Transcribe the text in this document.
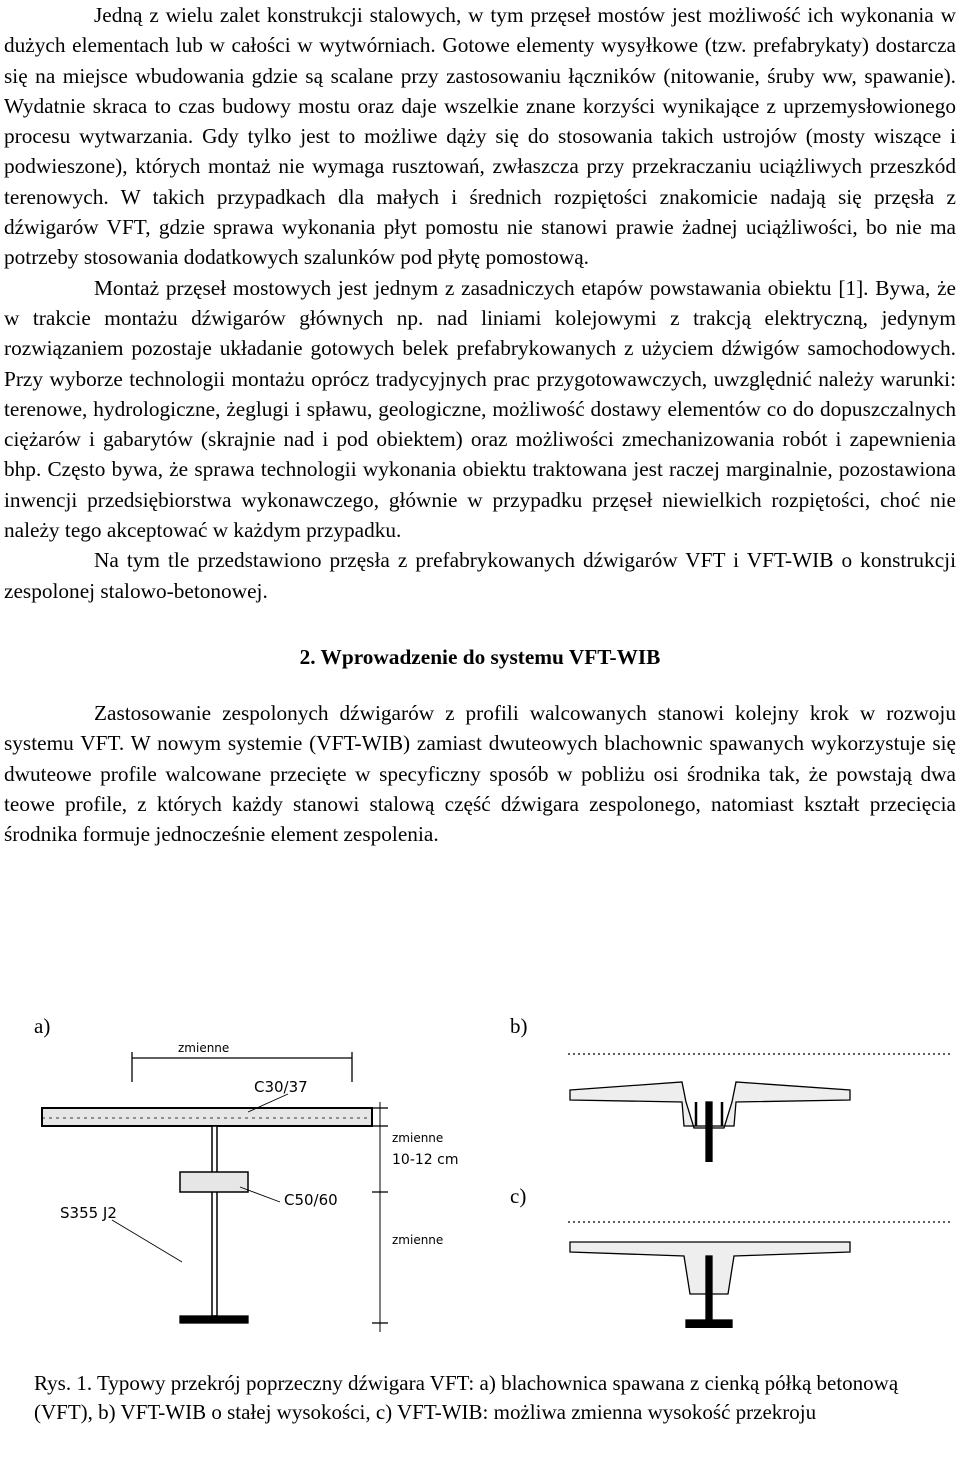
Jedną z wielu zalet konstrukcji stalowych, w tym przęseł mostów jest możliwość ich wykonania w dużych elementach lub w całości w wytwórniach. Gotowe elementy wysyłkowe (tzw. prefabrykaty) dostarcza się na miejsce wbudowania gdzie są scalane przy zastosowaniu łączników (nitowanie, śruby ww, spawanie). Wydatnie skraca to czas budowy mostu oraz daje wszelkie znane korzyści wynikające z uprzemysłowionego procesu wytwarzania. Gdy tylko jest to możliwe dąży się do stosowania takich ustrojów (mosty wiszące i podwieszone), których montaż nie wymaga rusztowań, zwłaszcza przy przekraczaniu uciążliwych przeszkód terenowych. W takich przypadkach dla małych i średnich rozpiętości znakomicie nadają się przęsła z dźwigarów VFT, gdzie sprawa wykonania płyt pomostu nie stanowi prawie żadnej uciążliwości, bo nie ma potrzeby stosowania dodatkowych szalunków pod płytę pomostową.

Montaż przęseł mostowych jest jednym z zasadniczych etapów powstawania obiektu [1]. Bywa, że w trakcie montażu dźwigarów głównych np. nad liniami kolejowymi z trakcją elektryczną, jedynym rozwiązaniem pozostaje układanie gotowych belek prefabrykowanych z użyciem dźwigów samochodowych. Przy wyborze technologii montażu oprócz tradycyjnych prac przygotowawczych, uwzględnić należy warunki: terenowe, hydrologiczne, żeglugi i spławu, geologiczne, możliwość dostawy elementów co do dopuszczalnych ciężarów i gabarytów (skrajnie nad i pod obiektem) oraz możliwości zmechanizowania robót i zapewnienia bhp. Często bywa, że sprawa technologii wykonania obiektu traktowana jest raczej marginalnie, pozostawiona inwencji przedsiębiorstwa wykonawczego, głównie w przypadku przęseł niewielkich rozpiętości, choć nie należy tego akceptować w każdym przypadku.

Na tym tle przedstawiono przęsła z prefabrykowanych dźwigarów VFT i VFT-WIB o konstrukcji zespolonej stalowo-betonowej.

2. Wprowadzenie do systemu VFT-WIB

Zastosowanie zespolonych dźwigarów z profili walcowanych stanowi kolejny krok w rozwoju systemu VFT. W nowym systemie (VFT-WIB) zamiast dwuteowych blachownic spawanych wykorzystuje się dwuteowe profile walcowane przecięte w specyficzny sposób w pobliżu osi środnika tak, że powstają dwa teowe profile, z których każdy stanowi stalową część dźwigara zespolonego, natomiast kształt przecięcia środnika formuje jednocześnie element zespolenia.

a)	b)
c)
zmienne
C30/37
zmienne
10-12 cm
C50/60
S355 J2
zmienne
Rys. 1. Typowy przekrój poprzeczny dźwigara VFT: a) blachownica spawana z cienką półką betonową (VFT), b) VFT-WIB o stałej wysokości, c) VFT-WIB: możliwa zmienna wysokość przekroju
